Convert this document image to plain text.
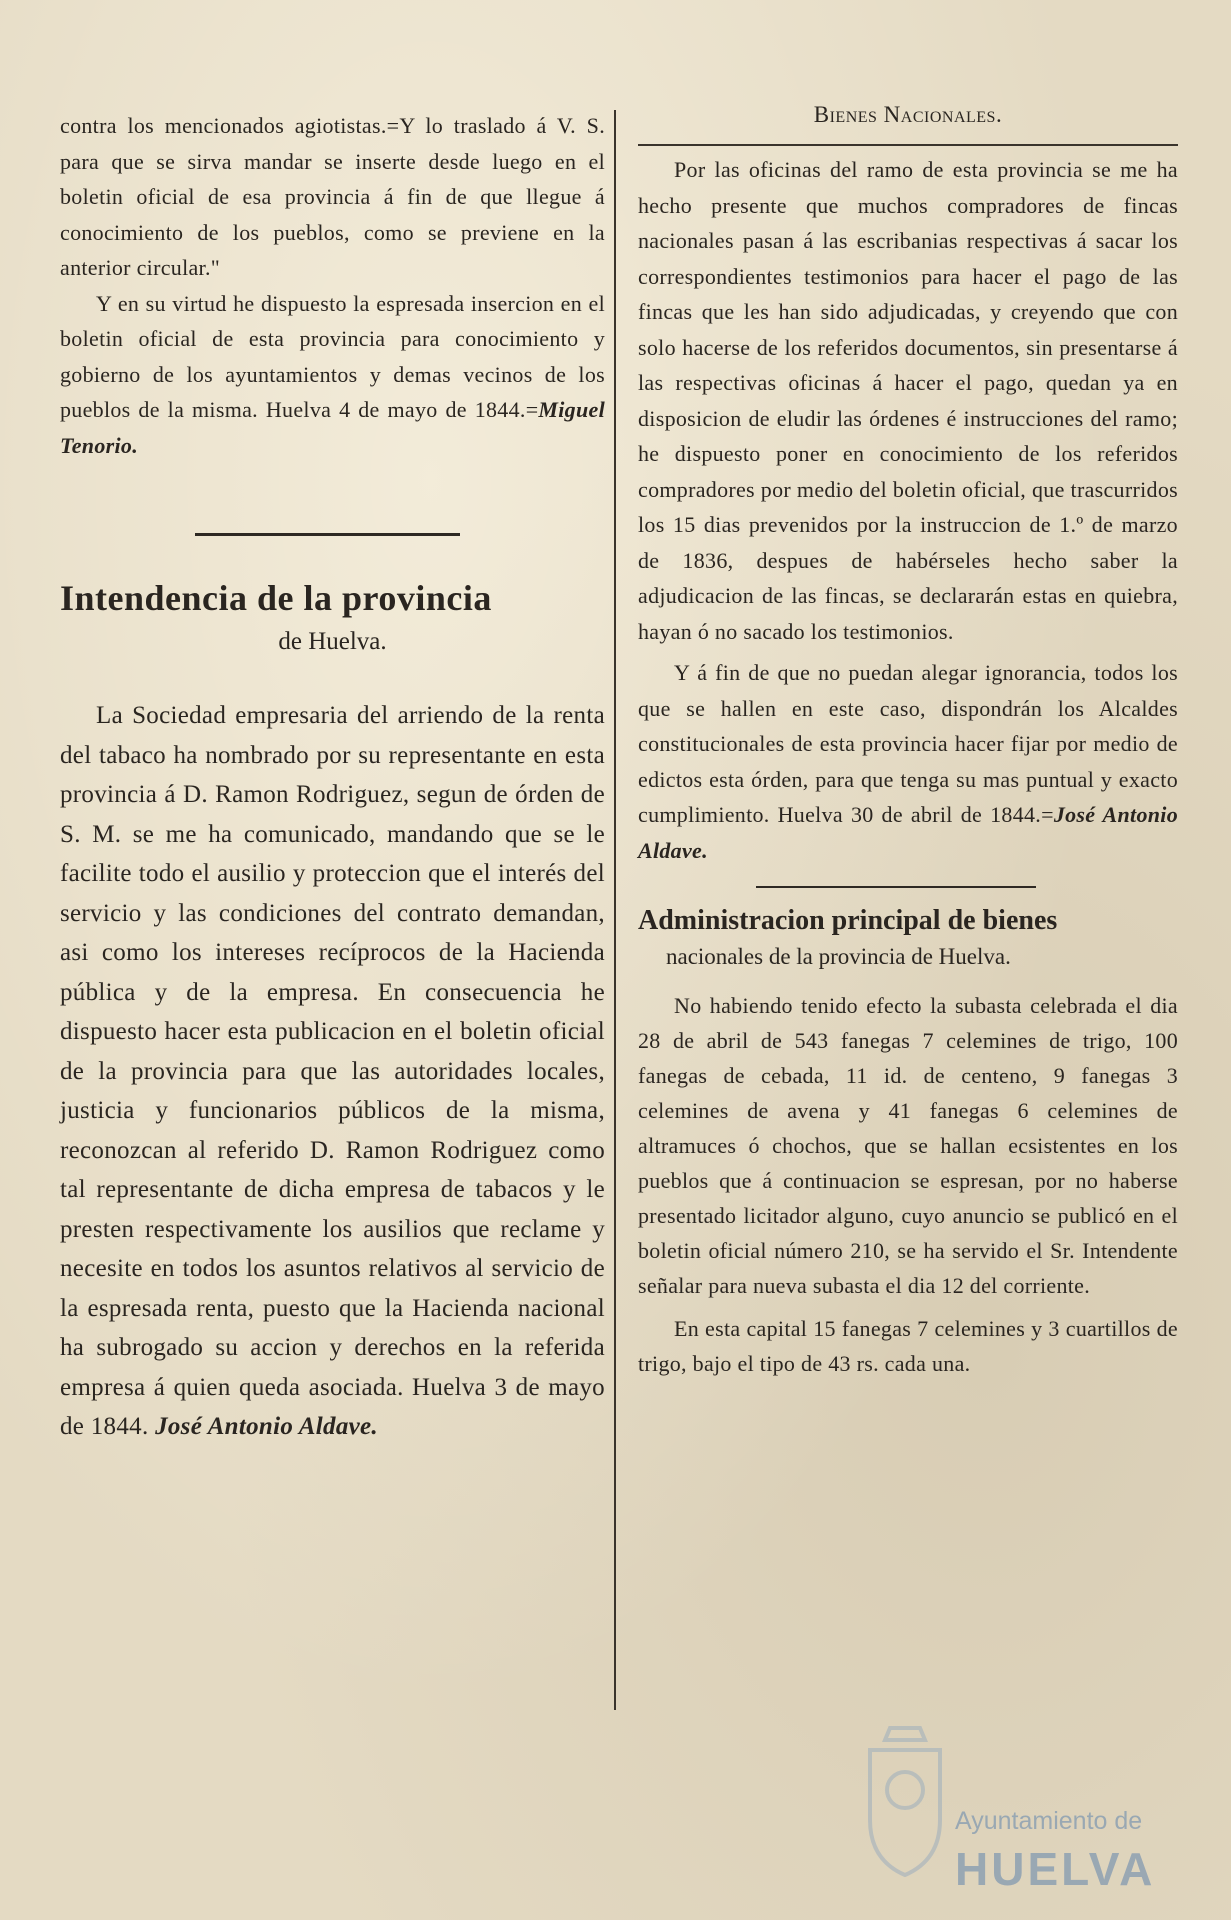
contra los mencionados agiotistas.=Y lo traslado á V. S. para que se sirva mandar se inserte desde luego en el boletin oficial de esa provincia á fin de que llegue á conocimiento de los pueblos, como se previene en la anterior circular."

Y en su virtud he dispuesto la espresada insercion en el boletin oficial de esta provincia para conocimiento y gobierno de los ayuntamientos y demas vecinos de los pueblos de la misma. Huelva 4 de mayo de 1844.=Miguel Tenorio.

Intendencia de la provincia
de Huelva.

La Sociedad empresaria del arriendo de la renta del tabaco ha nombrado por su representante en esta provincia á D. Ramon Rodriguez, segun de órden de S. M. se me ha comunicado, mandando que se le facilite todo el ausilio y proteccion que el interés del servicio y las condiciones del contrato demandan, asi como los intereses recíprocos de la Hacienda pública y de la empresa. En consecuencia he dispuesto hacer esta publicacion en el boletin oficial de la provincia para que las autoridades locales, justicia y funcionarios públicos de la misma, reconozcan al referido D. Ramon Rodriguez como tal representante de dicha empresa de tabacos y le presten respectivamente los ausilios que reclame y necesite en todos los asuntos relativos al servicio de la espresada renta, puesto que la Hacienda nacional ha subrogado su accion y derechos en la referida empresa á quien queda asociada. Huelva 3 de mayo de 1844. José Antonio Aldave.

Bienes Nacionales.

Por las oficinas del ramo de esta provincia se me ha hecho presente que muchos compradores de fincas nacionales pasan á las escribanias respectivas á sacar los correspondientes testimonios para hacer el pago de las fincas que les han sido adjudicadas, y creyendo que con solo hacerse de los referidos documentos, sin presentarse á las respectivas oficinas á hacer el pago, quedan ya en disposicion de eludir las órdenes é instrucciones del ramo; he dispuesto poner en conocimiento de los referidos compradores por medio del boletin oficial, que trascurridos los 15 dias prevenidos por la instruccion de 1.º de marzo de 1836, despues de habérseles hecho saber la adjudicacion de las fincas, se declararán estas en quiebra, hayan ó no sacado los testimonios.

Y á fin de que no puedan alegar ignorancia, todos los que se hallen en este caso, dispondrán los Alcaldes constitucionales de esta provincia hacer fijar por medio de edictos esta órden, para que tenga su mas puntual y exacto cumplimiento. Huelva 30 de abril de 1844.=José Antonio Aldave.

Administracion principal de bienes
nacionales de la provincia de Huelva.

No habiendo tenido efecto la subasta celebrada el dia 28 de abril de 543 fanegas 7 celemines de trigo, 100 fanegas de cebada, 11 id. de centeno, 9 fanegas 3 celemines de avena y 41 fanegas 6 celemines de altramuces ó chochos, que se hallan ecsistentes en los pueblos que á continuacion se espresan, por no haberse presentado licitador alguno, cuyo anuncio se publicó en el boletin oficial número 210, se ha servido el Sr. Intendente señalar para nueva subasta el dia 12 del corriente.

En esta capital 15 fanegas 7 celemines y 3 cuartillos de trigo, bajo el tipo de 43 rs. cada una.

Ayuntamiento de
HUELVA
